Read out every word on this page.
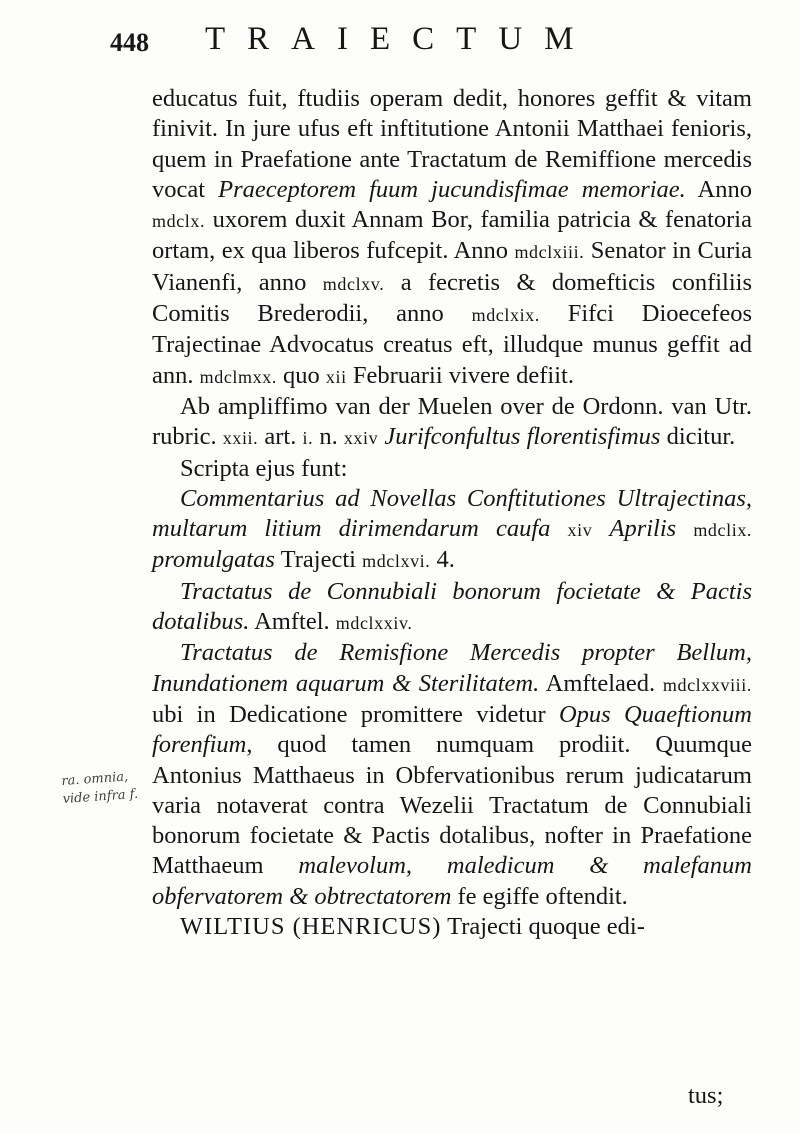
448 TRAIECTUM

educatus fuit, ftudiis operam dedit, honores geffit & vitam finivit. In jure ufus eft inftitutione Antonii Matthaei fenioris, quem in Praefatione ante Tractatum de Remiffione mercedis vocat Praeceptorem fuum jucundisfimae memoriae. Anno mdclx. uxorem duxit Annam Bor, familia patricia & fenatoria ortam, ex qua liberos fufcepit. Anno mdclxiii. Senator in Curia Vianenfi, anno mdclxv. a fecretis & domefticis confiliis Comitis Brederodii, anno mdclxix. Fifci Dioecefeos Trajectinae Advocatus creatus eft, illudque munus geffit ad ann. mdclmxx. quo xii Februarii vivere defiit.

Ab ampliffimo van der Muelen over de Ordonn. van Utr. rubric. xxii. art. i. n. xxiv Jurifconfultus florentisfimus dicitur.

Scripta ejus funt:

Commentarius ad Novellas Conftitutiones Ultrajectinas, multarum litium dirimendarum caufa xiv Aprilis mdclix. promulgatas Trajecti mdclxvi. 4.

Tractatus de Connubiali bonorum focietate & Pactis dotalibus. Amftel. mdclxxiv.

Tractatus de Remisfione Mercedis propter Bellum, Inundationem aquarum & Sterilitatem. Amftelaed. mdclxxviii. ubi in Dedicatione promittere videtur Opus Quaeftionum forenfium, quod tamen numquam prodiit. Quumque Antonius Matthaeus in Obfervationibus rerum judicatarum varia notaverat contra Wezelii Tractatum de Connubiali bonorum focietate & Pactis dotalibus, nofter in Praefatione Matthaeum malevolum, maledicum & malefanum obfervatorem & obtrectatorem fe egiffe oftendit.

WILTIUS (HENRICUS) Trajecti quoque edi-

ra. omnia,
vide infra f.
tus;
